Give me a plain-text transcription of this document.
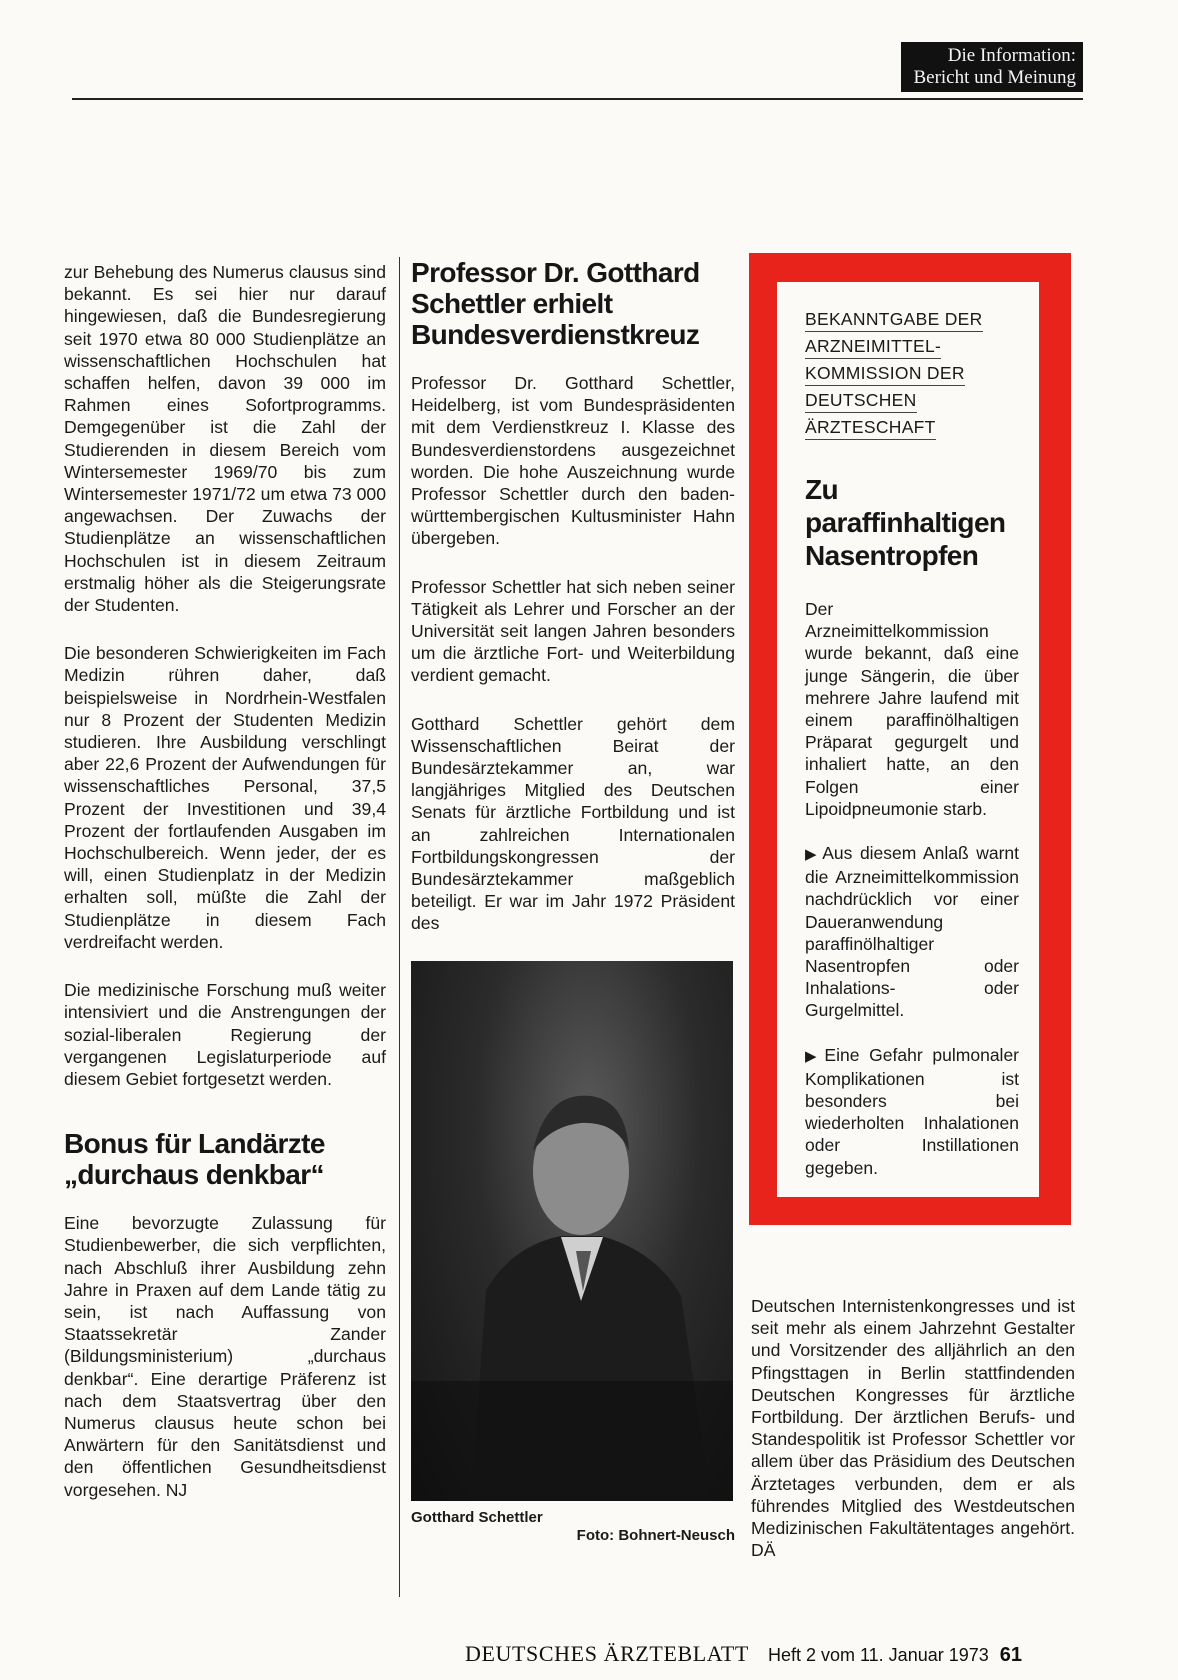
Die Information:
Bericht und Meinung

zur Behebung des Numerus clausus sind bekannt. Es sei hier nur darauf hingewiesen, daß die Bundesregierung seit 1970 etwa 80 000 Studienplätze an wissenschaftlichen Hochschulen hat schaffen helfen, davon 39 000 im Rahmen eines Sofortprogramms. Demgegenüber ist die Zahl der Studierenden in diesem Bereich vom Wintersemester 1969/70 bis zum Wintersemester 1971/72 um etwa 73 000 angewachsen. Der Zuwachs der Studienplätze an wissenschaftlichen Hochschulen ist in diesem Zeitraum erstmalig höher als die Steigerungsrate der Studenten.

Die besonderen Schwierigkeiten im Fach Medizin rühren daher, daß beispielsweise in Nordrhein-Westfalen nur 8 Prozent der Studenten Medizin studieren. Ihre Ausbildung verschlingt aber 22,6 Prozent der Aufwendungen für wissenschaftliches Personal, 37,5 Prozent der Investitionen und 39,4 Prozent der fortlaufenden Ausgaben im Hochschulbereich. Wenn jeder, der es will, einen Studienplatz in der Medizin erhalten soll, müßte die Zahl der Studienplätze in diesem Fach verdreifacht werden.

Die medizinische Forschung muß weiter intensiviert und die Anstrengungen der sozial-liberalen Regierung der vergangenen Legislaturperiode auf diesem Gebiet fortgesetzt werden.

Bonus für Landärzte
„durchaus denkbar“

Eine bevorzugte Zulassung für Studienbewerber, die sich verpflichten, nach Abschluß ihrer Ausbildung zehn Jahre in Praxen auf dem Lande tätig zu sein, ist nach Auffassung von Staatssekretär Zander (Bildungsministerium) „durchaus denkbar“. Eine derartige Präferenz ist nach dem Staatsvertrag über den Numerus clausus heute schon bei Anwärtern für den Sanitätsdienst und den öffentlichen Gesundheitsdienst vorgesehen. NJ

Professor Dr. Gotthard Schettler erhielt Bundesverdienstkreuz

Professor Dr. Gotthard Schettler, Heidelberg, ist vom Bundespräsidenten mit dem Verdienstkreuz I. Klasse des Bundesverdienstordens ausgezeichnet worden. Die hohe Auszeichnung wurde Professor Schettler durch den baden-württembergischen Kultusminister Hahn übergeben.

Professor Schettler hat sich neben seiner Tätigkeit als Lehrer und Forscher an der Universität seit langen Jahren besonders um die ärztliche Fort- und Weiterbildung verdient gemacht.

Gotthard Schettler gehört dem Wissenschaftlichen Beirat der Bundesärztekammer an, war langjähriges Mitglied des Deutschen Senats für ärztliche Fortbildung und ist an zahlreichen Internationalen Fortbildungskongressen der Bundesärztekammer maßgeblich beteiligt. Er war im Jahr 1972 Präsident des

Gotthard Schettler
Foto: Bohnert-Neusch
BEKANNTGABE DER
ARZNEIMITTEL-
KOMMISSION DER
DEUTSCHEN
ÄRZTESCHAFT
Zu
paraffinhaltigen
Nasentropfen

Der Arzneimittelkommission wurde bekannt, daß eine junge Sängerin, die über mehrere Jahre laufend mit einem paraffinölhaltigen Präparat gegurgelt und inhaliert hatte, an den Folgen einer Lipoidpneumonie starb.

▶ Aus diesem Anlaß warnt die Arzneimittelkommission nachdrücklich vor einer Daueranwendung paraffinölhaltiger Nasentropfen oder Inhalations- oder Gurgelmittel.

▶ Eine Gefahr pulmonaler Komplikationen ist besonders bei wiederholten Inhalationen oder Instillationen gegeben.

Deutschen Internistenkongresses und ist seit mehr als einem Jahrzehnt Gestalter und Vorsitzender des alljährlich an den Pfingsttagen in Berlin stattfindenden Deutschen Kongresses für ärztliche Fortbildung. Der ärztlichen Berufs- und Standespolitik ist Professor Schettler vor allem über das Präsidium des Deutschen Ärztetages verbunden, dem er als führendes Mitglied des Westdeutschen Medizinischen Fakultätentages angehört. DÄ

DEUTSCHES ÄRZTEBLATT Heft 2 vom 11. Januar 1973 61
